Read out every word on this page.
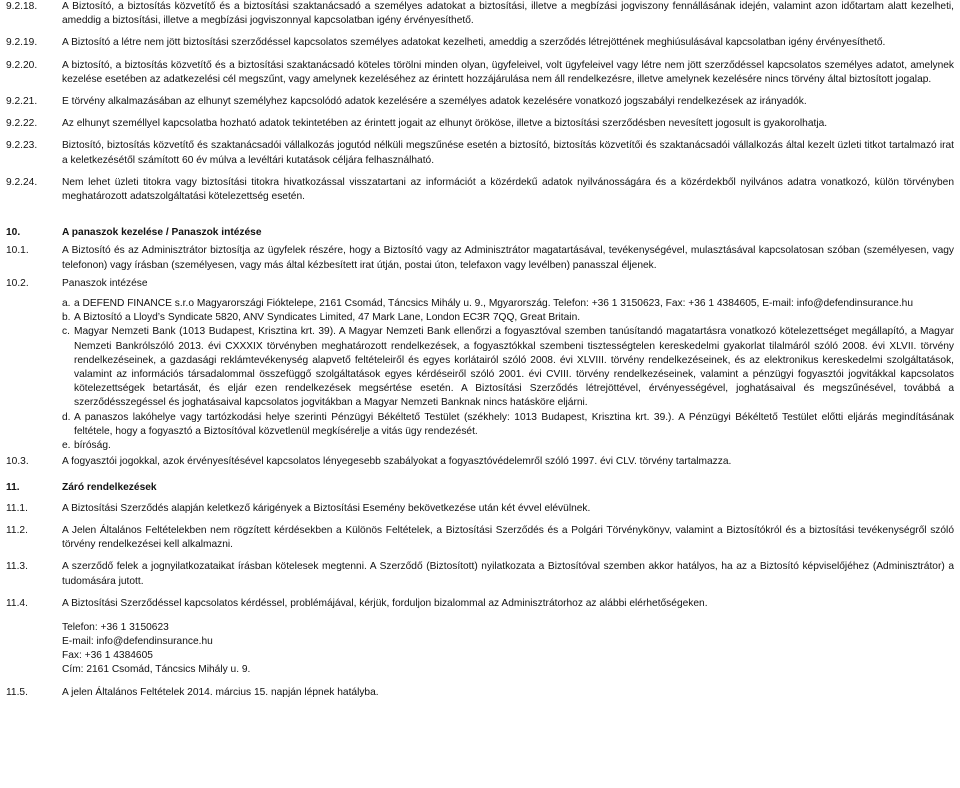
9.2.18.	A Biztosító, a biztosítás közvetítő és a biztosítási szaktanácsadó a személyes adatokat a biztosítási, illetve a megbízási jogviszony fennállásának idején, valamint azon időtartam alatt kezelheti, ameddig a biztosítási, illetve a megbízási jogviszonnyal kapcsolatban igény érvényesíthető.
9.2.19.	A Biztosító a létre nem jött biztosítási szerződéssel kapcsolatos személyes adatokat kezelheti, ameddig a szerződés létrejöttének meghiúsulásával kapcsolatban igény érvényesíthető.
9.2.20.	A biztosító, a biztosítás közvetítő és a biztosítási szaktanácsadó köteles törölni minden olyan, ügyfeleivel, volt ügyfeleivel vagy létre nem jött szerződéssel kapcsolatos személyes adatot, amelynek kezelése esetében az adatkezelési cél megszűnt, vagy amelynek kezeléséhez az érintett hozzájárulása nem áll rendelkezésre, illetve amelynek kezelésére nincs törvény által biztosított jogalap.
9.2.21.	E törvény alkalmazásában az elhunyt személyhez kapcsolódó adatok kezelésére a személyes adatok kezelésére vonatkozó jogszabályi rendelkezések az irányadók.
9.2.22.	Az elhunyt személlyel kapcsolatba hozható adatok tekintetében az érintett jogait az elhunyt örököse, illetve a biztosítási szerződésben nevesített jogosult is gyakorolhatja.
9.2.23.	Biztosító, biztosítás közvetítő és szaktanácsadói vállalkozás jogutód nélküli megszűnése esetén a biztosító, biztosítás közvetítői és szaktanácsadói vállalkozás által kezelt üzleti titkot tartalmazó irat a keletkezésétől számított 60 év múlva a levéltári kutatások céljára felhasználható.
9.2.24.	Nem lehet üzleti titokra vagy biztosítási titokra hivatkozással visszatartani az információt a közérdekű adatok nyilvánosságára és a közérdekből nyilvános adatra vonatkozó, külön törvényben meghatározott adatszolgáltatási kötelezettség esetén.
10.	A panaszok kezelése / Panaszok intézése
10.1.	A Biztosító és az Adminisztrátor biztosítja az ügyfelek részére, hogy a Biztosító vagy az Adminisztrátor magatartásával, tevékenységével, mulasztásával kapcsolatosan szóban (személyesen, vagy telefonon) vagy írásban (személyesen, vagy más által kézbesített irat útján, postai úton, telefaxon vagy levélben) panasszal éljenek.
10.2.	Panaszok intézése
a. a DEFEND FINANCE s.r.o Magyarországi Fióktelepe, 2161 Csomád, Táncsics Mihály u. 9., Mgyarország. Telefon: +36 1 3150623, Fax: +36 1 4384605, E-mail: info@defendinsurance.hu
b. A Biztosító a Lloyd’s Syndicate 5820, ANV Syndicates Limited, 47 Mark Lane, London EC3R 7QQ, Great Britain.
c. Magyar Nemzeti Bank (1013 Budapest, Krisztina krt. 39). A Magyar Nemzeti Bank ellenőrzi a fogyasztóval szemben tanúsítandó magatartásra vonatkozó kötelezettséget megállapító, a Magyar Nemzeti Bankrólszóló 2013. évi CXXXIX törvényben meghatározott rendelkezések, a fogyasztókkal szembeni tisztességtelen kereskedelmi gyakorlat tilalmáról szóló 2008. évi XLVII. törvény rendelkezéseinek, a gazdasági reklámtevékenység alapvető feltételeiről és egyes korlátairól szóló 2008. évi XLVIII. törvény rendelkezéseinek, és az elektronikus kereskedelmi szolgáltatások, valamint az információs társadalommal összefüggő szolgáltatások egyes kérdéseiről szóló 2001. évi CVIII. törvény rendelkezéseinek, valamint a pénzügyi fogyasztói jogvitákkal kapcsolatos kötelezettségek betartását, és eljár ezen rendelkezések megsértése esetén. A Biztosítási Szerződés létrejöttével, érvényességével, joghatásaival és megszűnésével, továbbá a szerződésszegéssel és joghatásaival kapcsolatos jogvitákban a Magyar Nemzeti Banknak nincs hatásköre eljárni.
d. A panaszos lakóhelye vagy tartózkodási helye szerinti Pénzügyi Békéltető Testület (székhely: 1013 Budapest, Krisztina krt. 39.). A Pénzügyi Békéltető Testület előtti eljárás megindításának feltétele, hogy a fogyasztó a Biztosítóval közvetlenül megkísérelje a vitás ügy rendezését.
e. bíróság.
10.3.	A fogyasztói jogokkal, azok érvényesítésével kapcsolatos lényegesebb szabályokat a fogyasztóvédelemről szóló 1997. évi CLV. törvény tartalmazza.
11.	Záró rendelkezések
11.1.	A Biztosítási Szerződés alapján keletkező kárigények a Biztosítási Esemény bekövetkezése után két évvel elévülnek.
11.2.	A Jelen Általános Feltételekben nem rögzített kérdésekben a Különös Feltételek, a Biztosítási Szerződés és a Polgári Törvénykönyv, valamint a Biztosítókról és a biztosítási tevékenységről szóló törvény rendelkezései kell alkalmazni.
11.3.	A szerződő felek a jognyilatkozataikat írásban kötelesek megtenni. A Szerződő (Biztosított) nyilatkozata a Biztosítóval szemben akkor hatályos, ha az a Biztosító képviselőjéhez (Adminisztrátor) a tudomására jutott.
11.4.	A Biztosítási Szerződéssel kapcsolatos kérdéssel, problémájával, kérjük, forduljon bizalommal az Adminisztrátorhoz az alábbi elérhetőségeken.
Telefon: +36 1 3150623
E-mail: info@defendinsurance.hu
Fax: +36 1 4384605
Cím: 2161 Csomád, Táncsics Mihály u. 9.
11.5.	A jelen Általános Feltételek 2014. március 15. napján lépnek hatályba.
